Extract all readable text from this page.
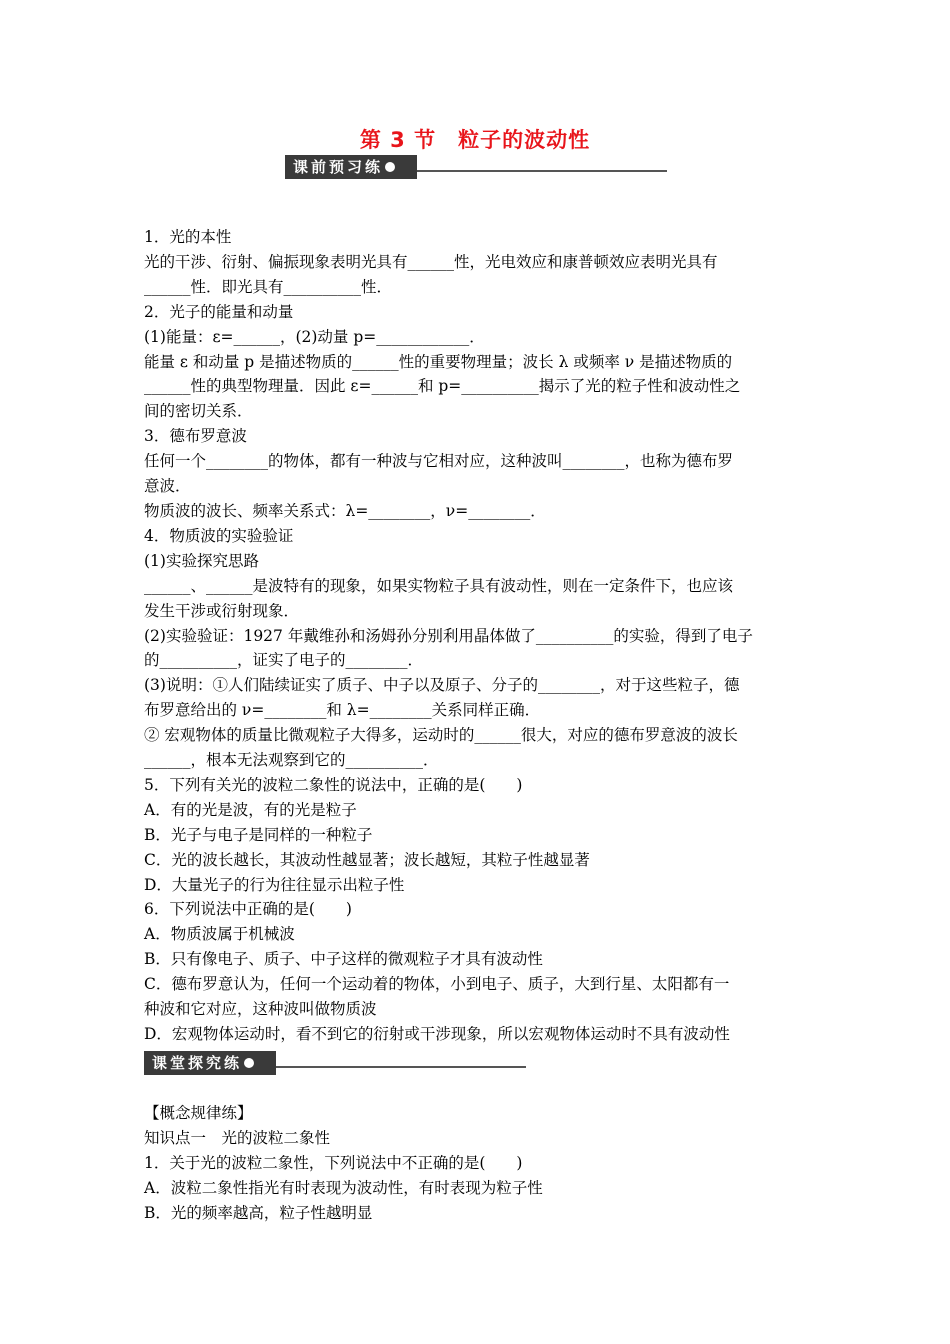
第 3 节　粒子的波动性
课前预习练

1．光的本性

光的干涉、衍射、偏振现象表明光具有______性，光电效应和康普顿效应表明光具有

______性．即光具有__________性．

2．光子的能量和动量

(1)能量：ε=______，(2)动量 p=____________．

能量 ε 和动量 p 是描述物质的______性的重要物理量；波长 λ 或频率 ν 是描述物质的

______性的典型物理量．因此 ε=______和 p=__________揭示了光的粒子性和波动性之

间的密切关系．

3．德布罗意波

任何一个________的物体，都有一种波与它相对应，这种波叫________，也称为德布罗

意波．

物质波的波长、频率关系式：λ=________，ν=________．

4．物质波的实验验证

(1)实验探究思路

______、______是波特有的现象，如果实物粒子具有波动性，则在一定条件下，也应该

发生干涉或衍射现象．

(2)实验验证：1927 年戴维孙和汤姆孙分别利用晶体做了__________的实验，得到了电子

的__________，证实了电子的________．

(3)说明：①人们陆续证实了质子、中子以及原子、分子的________，对于这些粒子，德

布罗意给出的 ν=________和 λ=________关系同样正确．

② 宏观物体的质量比微观粒子大得多，运动时的______很大，对应的德布罗意波的波长

______，根本无法观察到它的__________．

5．下列有关光的波粒二象性的说法中，正确的是(　　)

A．有的光是波，有的光是粒子

B．光子与电子是同样的一种粒子

C．光的波长越长，其波动性越显著；波长越短，其粒子性越显著

D．大量光子的行为往往显示出粒子性

6．下列说法中正确的是(　　)

A．物质波属于机械波

B．只有像电子、质子、中子这样的微观粒子才具有波动性

C．德布罗意认为，任何一个运动着的物体，小到电子、质子，大到行星、太阳都有一

种波和它对应，这种波叫做物质波

D．宏观物体运动时，看不到它的衍射或干涉现象，所以宏观物体运动时不具有波动性

【概念规律练】

知识点一　光的波粒二象性

1．关于光的波粒二象性，下列说法中不正确的是(　　)

A．波粒二象性指光有时表现为波动性，有时表现为粒子性

B．光的频率越高，粒子性越明显

课堂探究练
